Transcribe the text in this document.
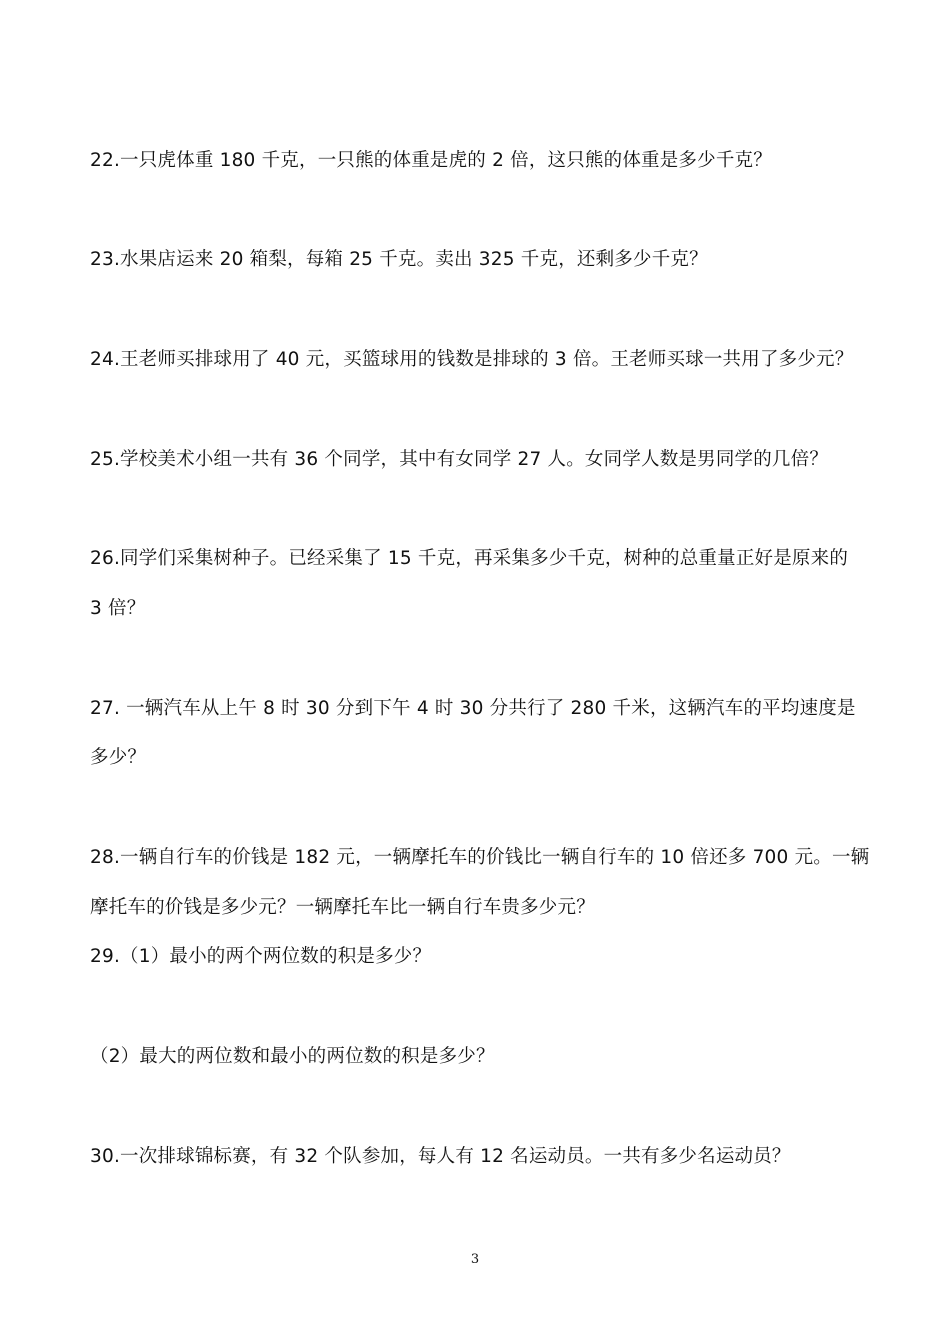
22.一只虎体重 180 千克，一只熊的体重是虎的 2 倍，这只熊的体重是多少千克？
23.水果店运来 20 箱梨，每箱 25 千克。卖出 325 千克，还剩多少千克？
24.王老师买排球用了 40 元，买篮球用的钱数是排球的 3 倍。王老师买球一共用了多少元？
25.学校美术小组一共有 36 个同学，其中有女同学 27 人。女同学人数是男同学的几倍？
26.同学们采集树种子。已经采集了 15 千克，再采集多少千克，树种的总重量正好是原来的
3 倍？
27. 一辆汽车从上午 8 时 30 分到下午 4 时 30 分共行了 280 千米，这辆汽车的平均速度是
多少？
28.一辆自行车的价钱是 182 元，一辆摩托车的价钱比一辆自行车的 10 倍还多 700 元。一辆
摩托车的价钱是多少元？一辆摩托车比一辆自行车贵多少元？
29.（1）最小的两个两位数的积是多少？
（2）最大的两位数和最小的两位数的积是多少？
30.一次排球锦标赛，有 32 个队参加，每人有 12 名运动员。一共有多少名运动员？
3
